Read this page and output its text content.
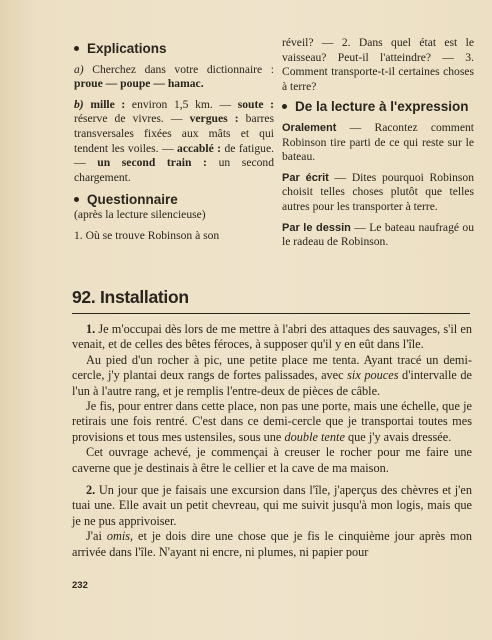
Explications

a) Cherchez dans votre dictionnaire : proue — poupe — hamac.

b) mille : environ 1,5 km. — soute : réserve de vivres. — vergues : barres transversales fixées aux mâts et qui tendent les voiles. — accablé : de fatigue. — un second train : un second chargement.

Questionnaire

(après la lecture silencieuse)

1. Où se trouve Robinson à son

réveil? — 2. Dans quel état est le vaisseau? Peut-il l'atteindre? — 3. Comment transporte-t-il certaines choses à terre?

De la lecture à l'expression

Oralement — Racontez comment Robinson tire parti de ce qui reste sur le bateau.

Par écrit — Dites pourquoi Robinson choisit telles choses plutôt que telles autres pour les transporter à terre.

Par le dessin — Le bateau naufragé ou le radeau de Robinson.

92. Installation

1. Je m'occupai dès lors de me mettre à l'abri des attaques des sauvages, s'il en venait, et de celles des bêtes féroces, à supposer qu'il y en eût dans l'île.

Au pied d'un rocher à pic, une petite place me tenta. Ayant tracé un demi-cercle, j'y plantai deux rangs de fortes palissades, avec six pouces d'intervalle de l'un à l'autre rang, et je remplis l'entre-deux de pièces de câble.

Je fis, pour entrer dans cette place, non pas une porte, mais une échelle, que je retirais une fois rentré. C'est dans ce demi-cercle que je transportai toutes mes provisions et tous mes ustensiles, sous une double tente que j'y avais dressée.

Cet ouvrage achevé, je commençai à creuser le rocher pour me faire une caverne que je destinais à être le cellier et la cave de ma maison.

2. Un jour que je faisais une excursion dans l'île, j'aperçus des chèvres et j'en tuai une. Elle avait un petit chevreau, qui me suivit jusqu'à mon logis, mais que je ne pus apprivoiser.

J'ai omis, et je dois dire une chose que je fis le cinquième jour après mon arrivée dans l'île. N'ayant ni encre, ni plumes, ni papier pour

232
